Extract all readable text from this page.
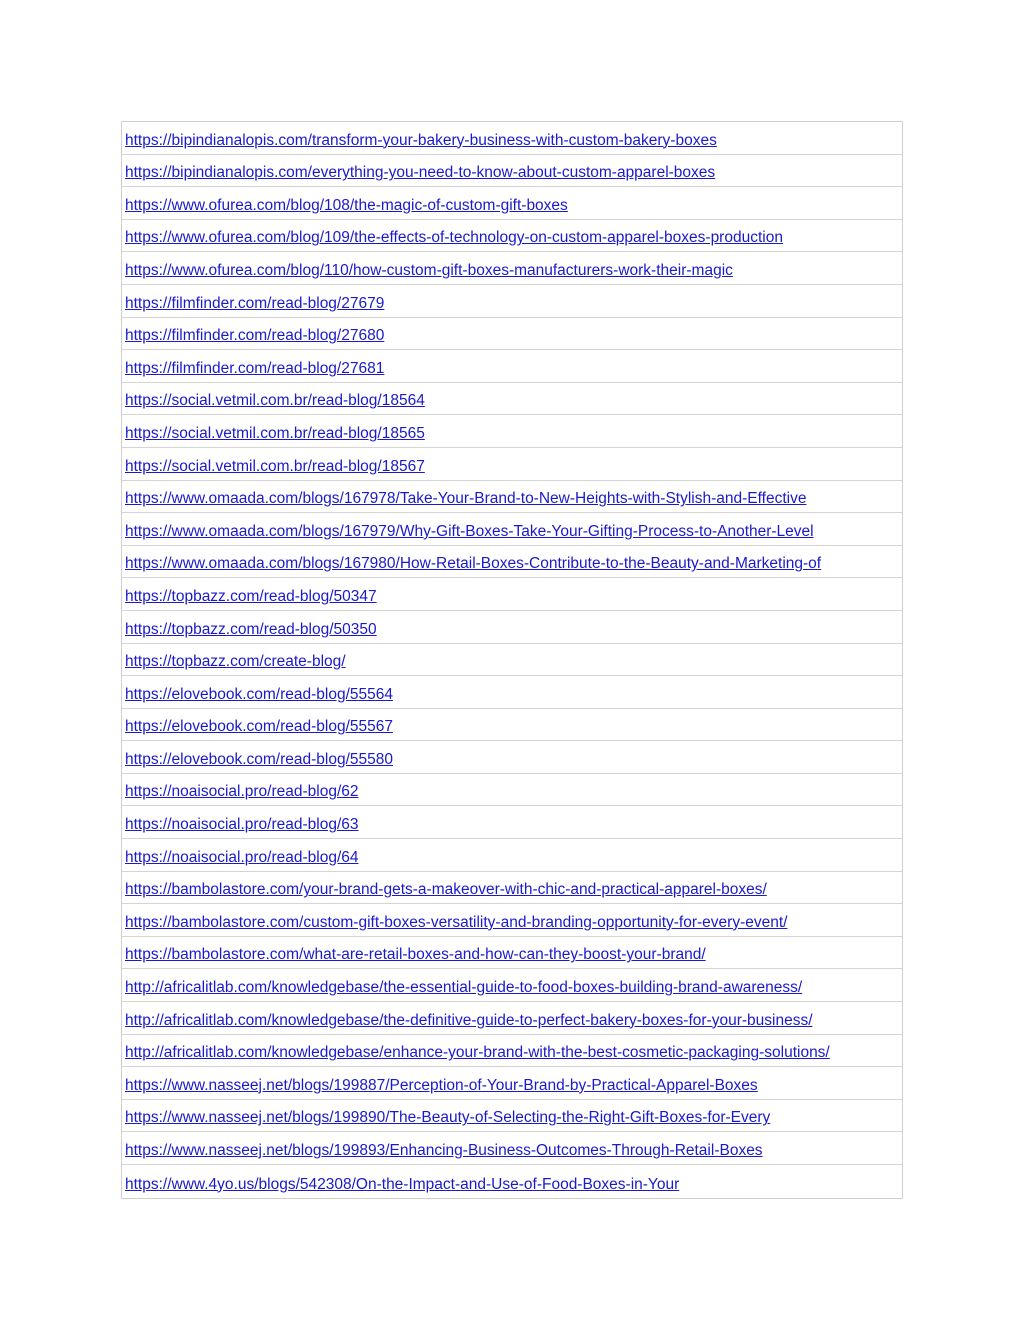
https://bipindianalopis.com/transform-your-bakery-business-with-custom-bakery-boxes
https://bipindianalopis.com/everything-you-need-to-know-about-custom-apparel-boxes
https://www.ofurea.com/blog/108/the-magic-of-custom-gift-boxes
https://www.ofurea.com/blog/109/the-effects-of-technology-on-custom-apparel-boxes-production
https://www.ofurea.com/blog/110/how-custom-gift-boxes-manufacturers-work-their-magic
https://filmfinder.com/read-blog/27679
https://filmfinder.com/read-blog/27680
https://filmfinder.com/read-blog/27681
https://social.vetmil.com.br/read-blog/18564
https://social.vetmil.com.br/read-blog/18565
https://social.vetmil.com.br/read-blog/18567
https://www.omaada.com/blogs/167978/Take-Your-Brand-to-New-Heights-with-Stylish-and-Effective
https://www.omaada.com/blogs/167979/Why-Gift-Boxes-Take-Your-Gifting-Process-to-Another-Level
https://www.omaada.com/blogs/167980/How-Retail-Boxes-Contribute-to-the-Beauty-and-Marketing-of
https://topbazz.com/read-blog/50347
https://topbazz.com/read-blog/50350
https://topbazz.com/create-blog/
https://elovebook.com/read-blog/55564
https://elovebook.com/read-blog/55567
https://elovebook.com/read-blog/55580
https://noaisocial.pro/read-blog/62
https://noaisocial.pro/read-blog/63
https://noaisocial.pro/read-blog/64
https://bambolastore.com/your-brand-gets-a-makeover-with-chic-and-practical-apparel-boxes/
https://bambolastore.com/custom-gift-boxes-versatility-and-branding-opportunity-for-every-event/
https://bambolastore.com/what-are-retail-boxes-and-how-can-they-boost-your-brand/
http://africalitlab.com/knowledgebase/the-essential-guide-to-food-boxes-building-brand-awareness/
http://africalitlab.com/knowledgebase/the-definitive-guide-to-perfect-bakery-boxes-for-your-business/
http://africalitlab.com/knowledgebase/enhance-your-brand-with-the-best-cosmetic-packaging-solutions/
https://www.nasseej.net/blogs/199887/Perception-of-Your-Brand-by-Practical-Apparel-Boxes
https://www.nasseej.net/blogs/199890/The-Beauty-of-Selecting-the-Right-Gift-Boxes-for-Every
https://www.nasseej.net/blogs/199893/Enhancing-Business-Outcomes-Through-Retail-Boxes
https://www.4yo.us/blogs/542308/On-the-Impact-and-Use-of-Food-Boxes-in-Your
